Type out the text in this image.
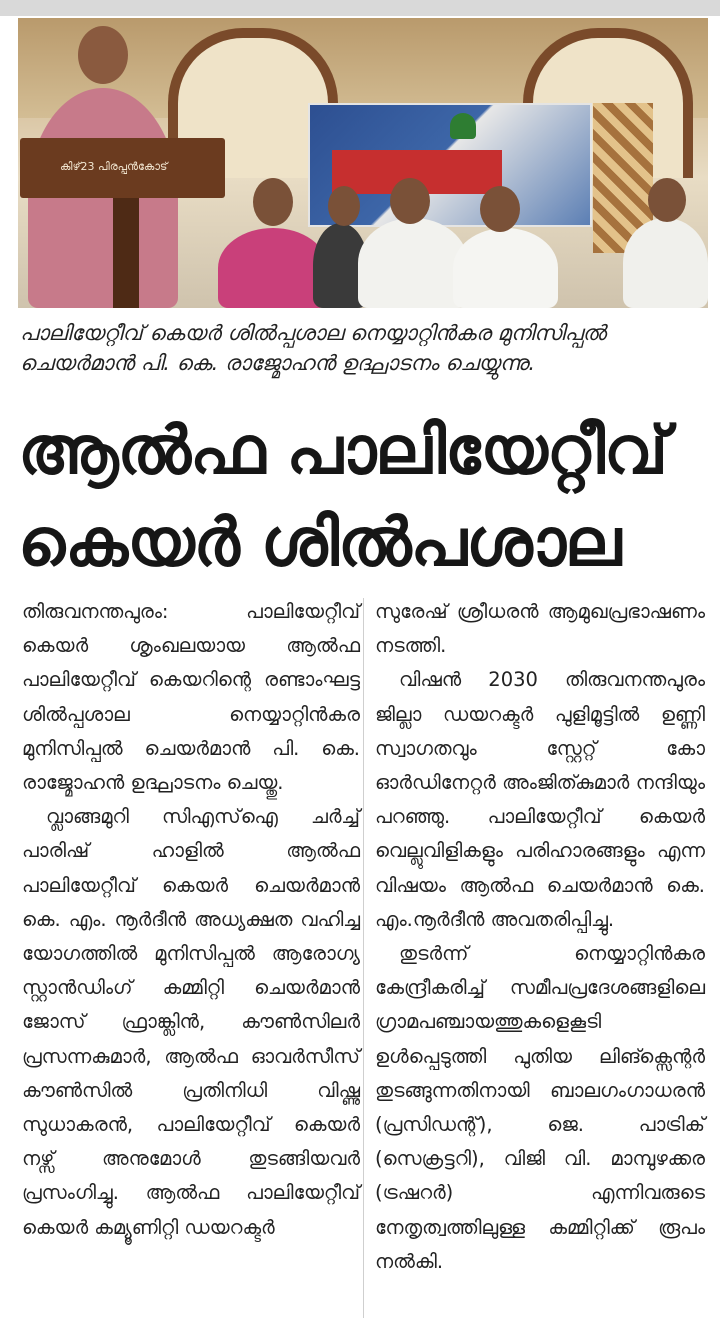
കിഴ്23 പിരപ്പൻകോട്
പാലിയേറ്റീവ് കെയർ ശിൽപ്പശാല നെയ്യാറ്റിൻകര മുനിസിപ്പൽ ചെയർമാൻ പി. കെ. രാജ്മോഹൻ ഉദ്ഘാടനം ചെയ്യുന്നു.
ആൽഫ പാലിയേറ്റീവ് കെയർ ശിൽപശാല

തിരുവനന്തപുരം: പാലിയേറ്റീവ് കെയർ ശൃംഖലയായ ആൽഫ പാലിയേറ്റീവ് കെയറിന്റെ രണ്ടാംഘട്ട ശിൽപ്പശാല നെയ്യാറ്റിൻകര മുനിസിപ്പൽ ചെയർമാൻ പി. കെ. രാജ്മോഹൻ ഉദ്ഘാടനം ചെയ്തു.

വ്ലാങ്ങമുറി സിഎസ്ഐ ചർച്ച് പാരിഷ് ഹാളിൽ ആൽഫ പാലിയേറ്റീവ് കെയർ ചെയർമാൻ കെ. എം. നൂർദീൻ അധ്യക്ഷത വഹിച്ച യോഗത്തിൽ മുനിസിപ്പൽ ആരോഗ്യ സ്റ്റാൻഡിംഗ് കമ്മിറ്റി ചെയർമാൻ ജോസ് ഫ്രാങ്ക്ലിൻ, കൗൺസിലർ പ്രസന്നകുമാർ, ആൽഫ ഓവർസീസ് കൗൺസിൽ പ്രതിനിധി വിഷ്ണു സുധാകരൻ, പാലിയേറ്റീവ് കെയർ നഴ്സ് അനുമോൾ തുടങ്ങിയവർ പ്രസംഗിച്ചു. ആൽഫ പാലിയേറ്റീവ് കെയർ കമ്യൂണിറ്റി ഡയറക്ടർ

സുരേഷ് ശ്രീധരൻ ആമുഖപ്രഭാഷണം നടത്തി.

വിഷൻ 2030 തിരുവനന്തപുരം ജില്ലാ ഡയറക്ടർ പുളിമൂട്ടിൽ ഉണ്ണി സ്വാഗതവും സ്റ്റേറ്റ് കോ ഓർഡിനേറ്റർ അംജിത്കുമാർ നന്ദിയും പറഞ്ഞു. പാലിയേറ്റീവ് കെയർ വെല്ലുവിളികളും പരിഹാരങ്ങളും എന്ന വിഷയം ആൽഫ ചെയർമാൻ കെ. എം.നൂർദീൻ അവതരിപ്പിച്ചു.

തുടർന്ന് നെയ്യാറ്റിൻകര കേന്ദ്രീകരിച്ച് സമീപപ്രദേശങ്ങളിലെ ഗ്രാമപഞ്ചായത്തുകളെകൂടി ഉൾപ്പെടുത്തി പുതിയ ലിങ്ക്സെന്റർ തുടങ്ങുന്നതിനായി ബാലഗംഗാധരൻ (പ്രസിഡന്റ്), ജെ. പാട്രിക് (സെക്രട്ടറി), വിജി വി. മാമ്പുഴക്കര (ട്രഷറർ) എന്നിവരുടെ നേതൃത്വത്തിലുള്ള കമ്മിറ്റിക്ക് രൂപം നൽകി.
